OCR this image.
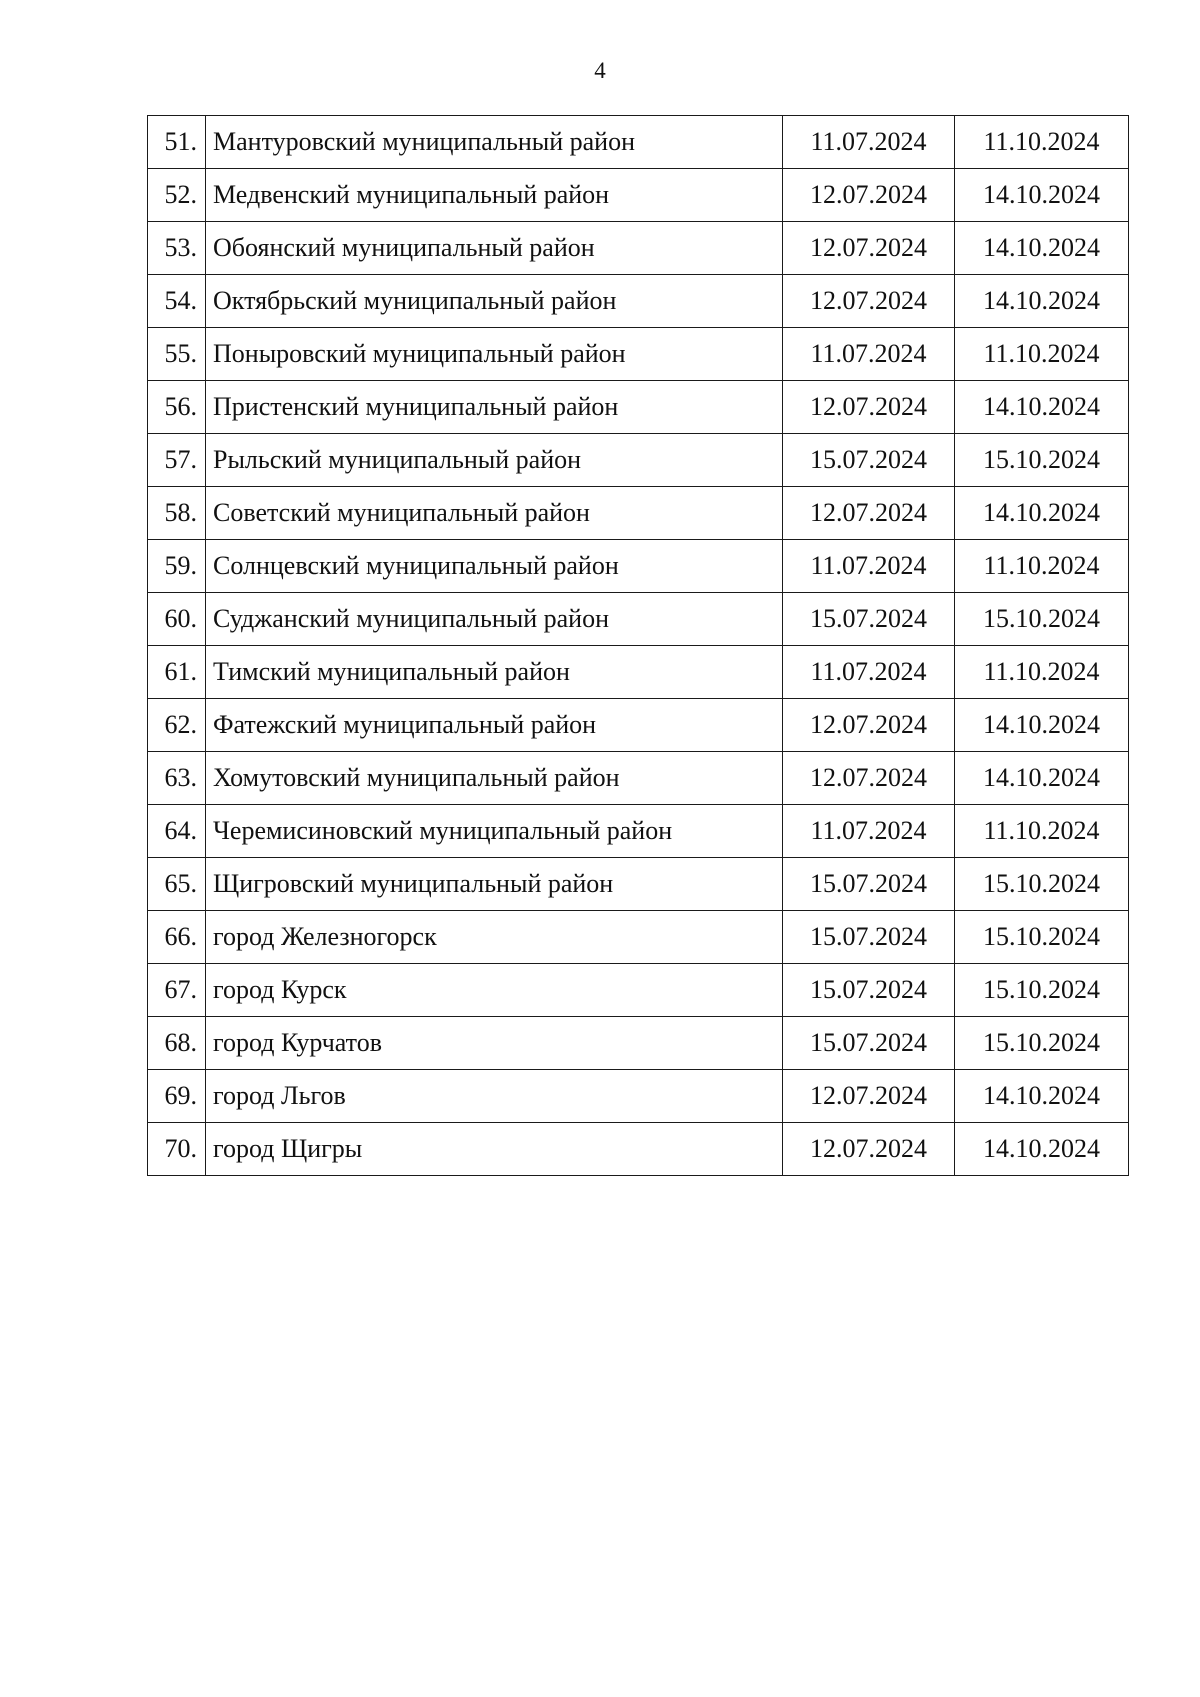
4
51.	Мантуровский муниципальный район	11.07.2024	11.10.2024
52.	Медвенский муниципальный район	12.07.2024	14.10.2024
53.	Обоянский муниципальный район	12.07.2024	14.10.2024
54.	Октябрьский муниципальный район	12.07.2024	14.10.2024
55.	Поныровский муниципальный район	11.07.2024	11.10.2024
56.	Пристенский муниципальный район	12.07.2024	14.10.2024
57.	Рыльский муниципальный район	15.07.2024	15.10.2024
58.	Советский муниципальный район	12.07.2024	14.10.2024
59.	Солнцевский муниципальный район	11.07.2024	11.10.2024
60.	Суджанский муниципальный район	15.07.2024	15.10.2024
61.	Тимский муниципальный район	11.07.2024	11.10.2024
62.	Фатежский муниципальный район	12.07.2024	14.10.2024
63.	Хомутовский муниципальный район	12.07.2024	14.10.2024
64.	Черемисиновский муниципальный район	11.07.2024	11.10.2024
65.	Щигровский муниципальный район	15.07.2024	15.10.2024
66.	город Железногорск	15.07.2024	15.10.2024
67.	город Курск	15.07.2024	15.10.2024
68.	город Курчатов	15.07.2024	15.10.2024
69.	город Льгов	12.07.2024	14.10.2024
70.	город Щигры	12.07.2024	14.10.2024
